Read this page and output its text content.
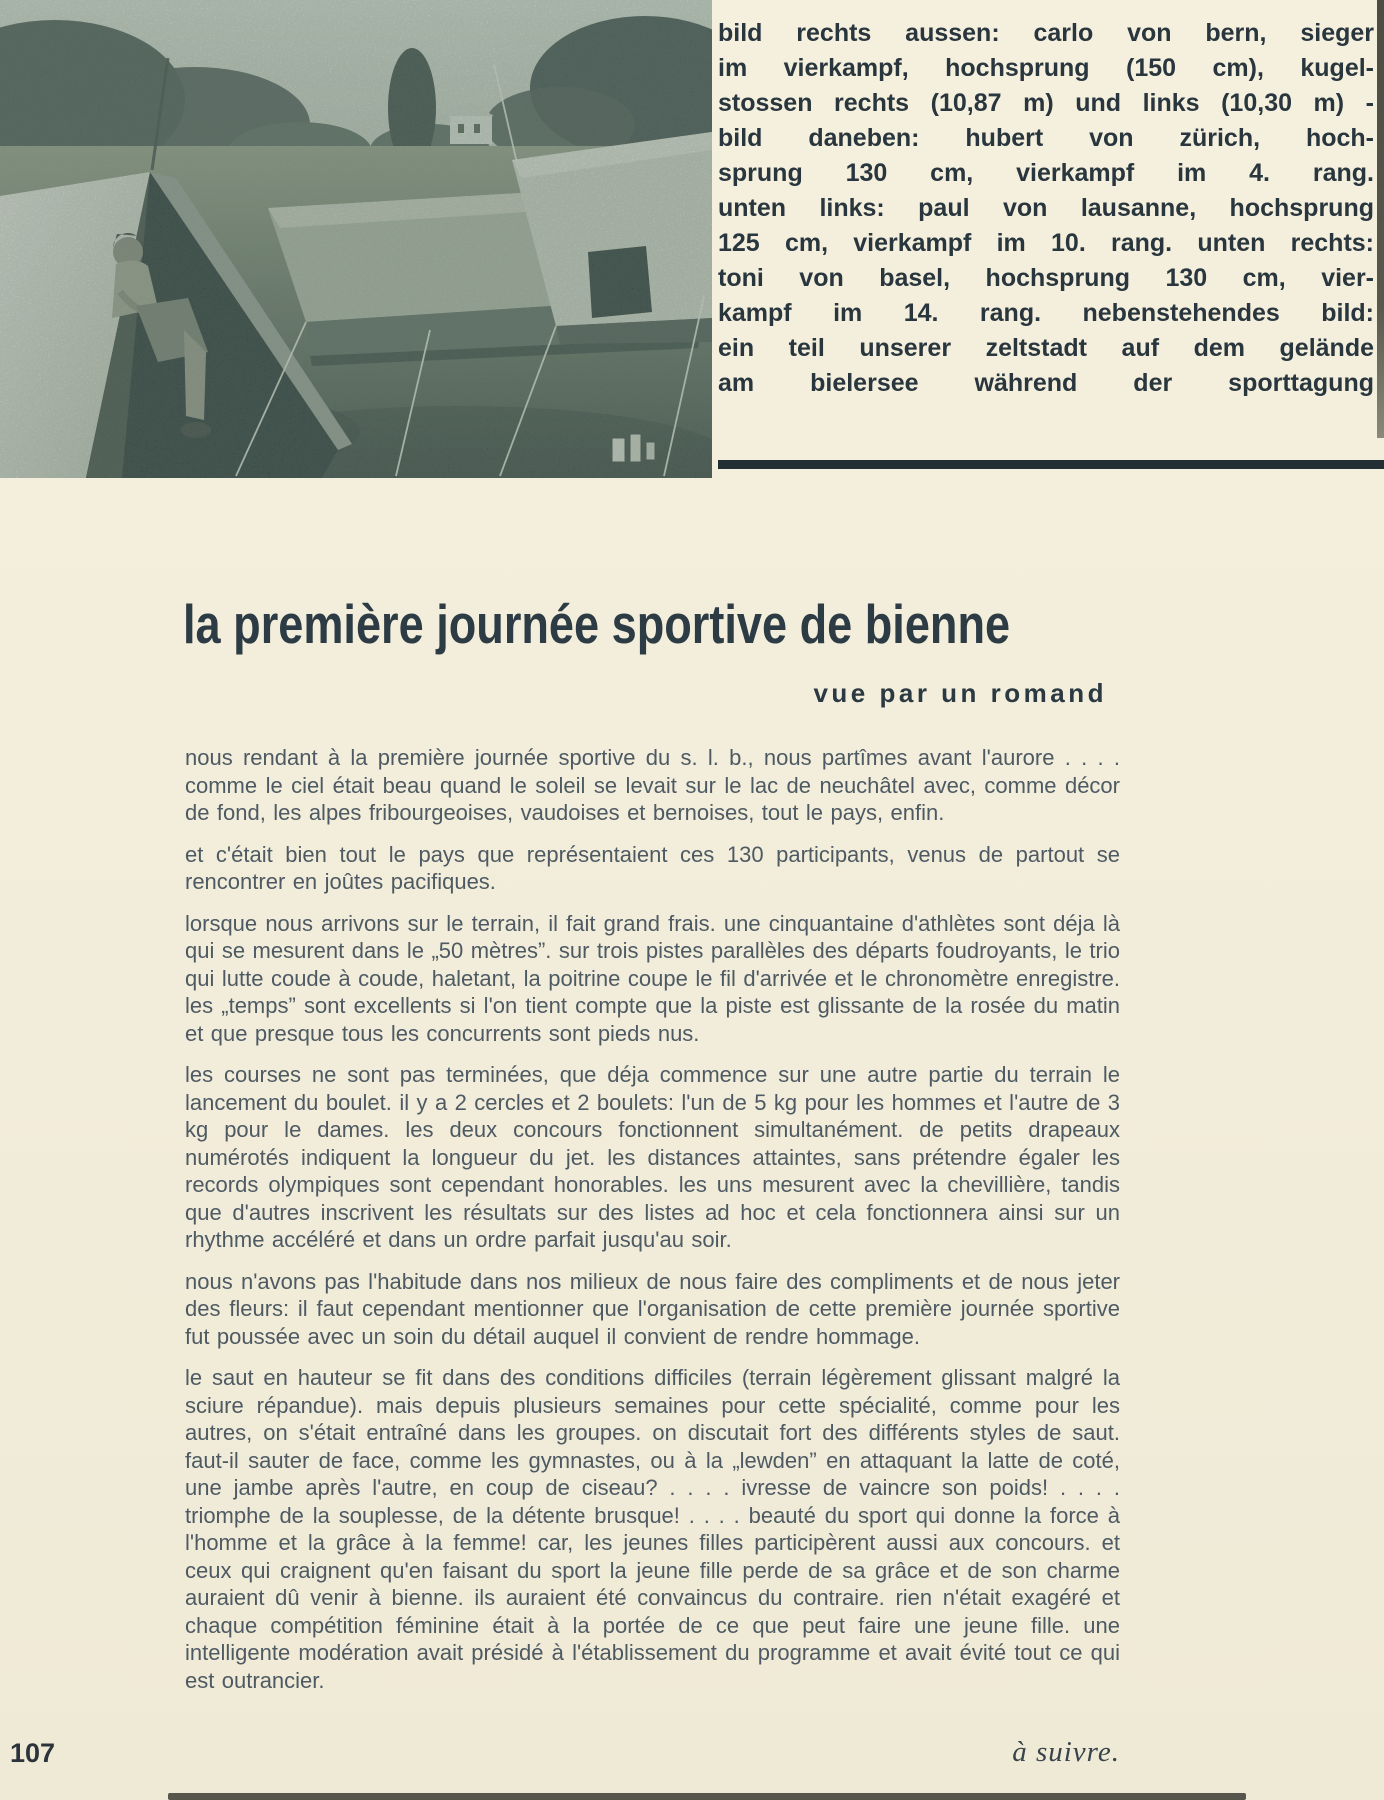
bild rechts aussen: carlo von bern, sieger
im vierkampf, hochsprung (150 cm), kugel-
stossen rechts (10,87 m) und links (10,30 m) -
bild daneben: hubert von zürich, hoch-
sprung 130 cm, vierkampf im 4. rang.
unten links: paul von lausanne, hochsprung
125 cm, vierkampf im 10. rang. unten rechts:
toni von basel, hochsprung 130 cm, vier-
kampf im 14. rang. nebenstehendes bild:
ein teil unserer zeltstadt auf dem gelände
am bielersee während der sporttagung
la première journée sportive de bienne
vue par un romand

nous rendant à la première journée sportive du s. l. b., nous partîmes avant l'aurore . . . . comme le ciel était beau quand le soleil se levait sur le lac de neuchâtel avec, comme décor de fond, les alpes fribourgeoises, vaudoises et bernoises, tout le pays, enfin.

et c'était bien tout le pays que représentaient ces 130 participants, venus de partout se rencontrer en joûtes pacifiques.

lorsque nous arrivons sur le terrain, il fait grand frais. une cinquantaine d'athlètes sont déja là qui se mesurent dans le „50 mètres”. sur trois pistes parallèles des départs foudroyants, le trio qui lutte coude à coude, haletant, la poitrine coupe le fil d'arrivée et le chronomètre enregistre. les „temps” sont excellents si l'on tient compte que la piste est glissante de la rosée du matin et que presque tous les concurrents sont pieds nus.

les courses ne sont pas terminées, que déja commence sur une autre partie du terrain le lancement du boulet. il y a 2 cercles et 2 boulets: l'un de 5 kg pour les hommes et l'autre de 3 kg pour le dames. les deux concours fonctionnent simultanément. de petits drapeaux numérotés indiquent la longueur du jet. les distances attaintes, sans prétendre égaler les records olympiques sont cependant honorables. les uns mesurent avec la chevillière, tandis que d'autres inscrivent les résultats sur des listes ad hoc et cela fonctionnera ainsi sur un rhythme accéléré et dans un ordre parfait jusqu'au soir.

nous n'avons pas l'habitude dans nos milieux de nous faire des compliments et de nous jeter des fleurs: il faut cependant mentionner que l'organisation de cette première journée sportive fut poussée avec un soin du détail auquel il convient de rendre hommage.

le saut en hauteur se fit dans des conditions difficiles (terrain légèrement glissant malgré la sciure répandue). mais depuis plusieurs semaines pour cette spécialité, comme pour les autres, on s'était entraîné dans les groupes. on discutait fort des différents styles de saut. faut-il sauter de face, comme les gymnastes, ou à la „lewden” en attaquant la latte de coté, une jambe après l'autre, en coup de ciseau? . . . . ivresse de vaincre son poids! . . . . triomphe de la souplesse, de la détente brusque! . . . . beauté du sport qui donne la force à l'homme et la grâce à la femme! car, les jeunes filles participèrent aussi aux concours. et ceux qui craignent qu'en faisant du sport la jeune fille perde de sa grâce et de son charme auraient dû venir à bienne. ils auraient été convaincus du contraire. rien n'était exagéré et chaque compétition féminine était à la portée de ce que peut faire une jeune fille. une intelligente modération avait présidé à l'établissement du programme et avait évité tout ce qui est outrancier.

107	à suivre.
